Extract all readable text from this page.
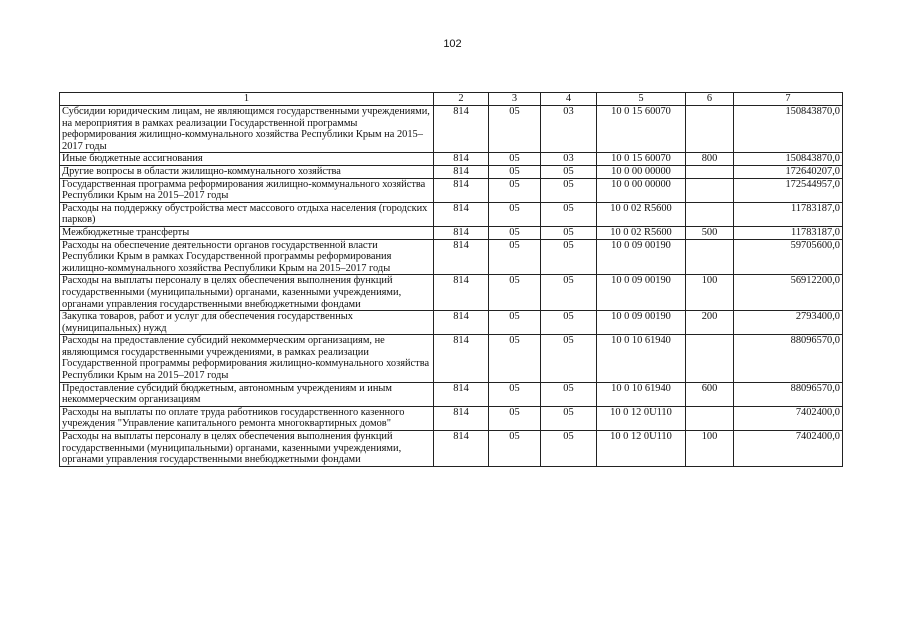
102
1	2	3	4	5	6	7
Субсидии юридическим лицам, не являющимся государственными учреждениями, на мероприятия в рамках реализации Государственной программы реформирования жилищно-коммунального хозяйства Республики Крым на 2015–2017 годы	814	05	03	10 0 15 60070		150843870,0
Иные бюджетные ассигнования	814	05	03	10 0 15 60070	800	150843870,0
Другие вопросы в области жилищно-коммунального хозяйства	814	05	05	10 0 00 00000		172640207,0
Государственная программа реформирования жилищно-коммунального хозяйства Республики Крым на 2015–2017 годы	814	05	05	10 0 00 00000		172544957,0
Расходы на поддержку обустройства мест массового отдыха населения (городских парков)	814	05	05	10 0 02 R5600		11783187,0
Межбюджетные трансферты	814	05	05	10 0 02 R5600	500	11783187,0
Расходы на обеспечение деятельности органов государственной власти Республики Крым в рамках Государственной программы реформирования жилищно-коммунального хозяйства Республики Крым на 2015–2017 годы	814	05	05	10 0 09 00190		59705600,0
Расходы на выплаты персоналу в целях обеспечения выполнения функций государственными (муниципальными) органами, казенными учреждениями, органами управления государственными внебюджетными фондами	814	05	05	10 0 09 00190	100	56912200,0
Закупка товаров, работ и услуг для обеспечения государственных (муниципальных) нужд	814	05	05	10 0 09 00190	200	2793400,0
Расходы на предоставление субсидий некоммерческим организациям, не являющимся государственными учреждениями, в рамках реализации Государственной программы реформирования жилищно-коммунального хозяйства Республики Крым на 2015–2017 годы	814	05	05	10 0 10 61940		88096570,0
Предоставление субсидий бюджетным, автономным учреждениям и иным некоммерческим организациям	814	05	05	10 0 10 61940	600	88096570,0
Расходы на выплаты по оплате труда работников государственного казенного учреждения "Управление капитального ремонта многоквартирных домов"	814	05	05	10 0 12 0U110		7402400,0
Расходы на выплаты персоналу в целях обеспечения выполнения функций государственными (муниципальными) органами, казенными учреждениями, органами управления государственными внебюджетными фондами	814	05	05	10 0 12 0U110	100	7402400,0
